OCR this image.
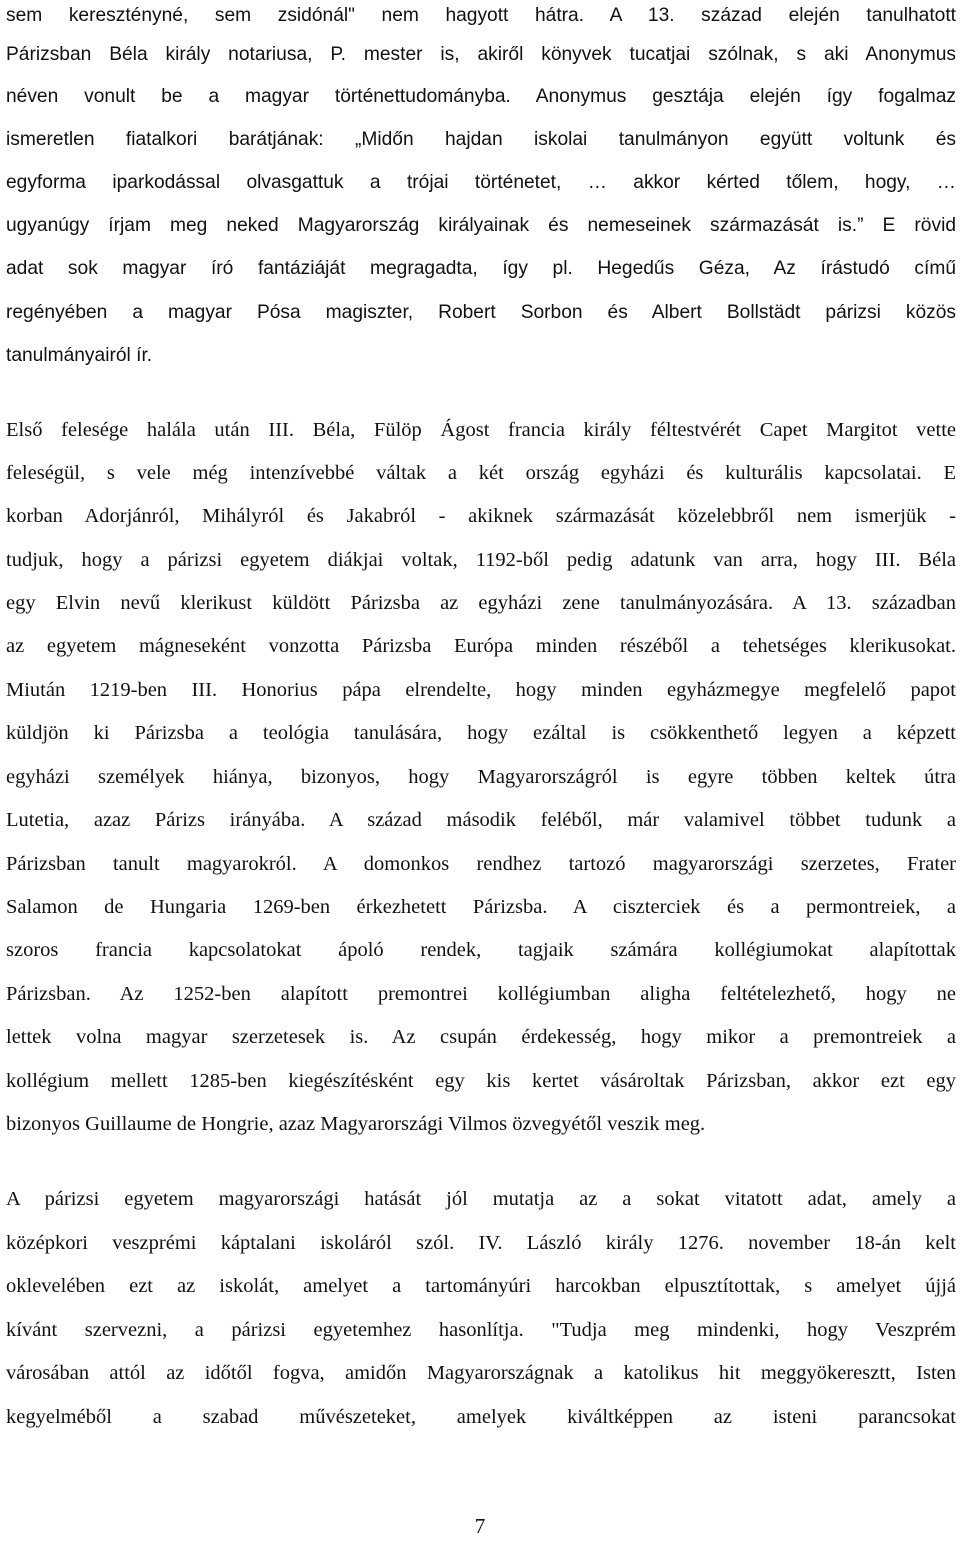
sem keresztényné, sem zsidónál" nem hagyott hátra. A 13. század elején tanulhatott
Párizsban Béla király notariusa, P. mester is, akiről könyvek tucatjai szólnak, s aki Anonymus
néven vonult be a magyar történettudományba. Anonymus gesztája elején így fogalmaz
ismeretlen fiatalkori barátjának: „Midőn hajdan iskolai tanulmányon együtt voltunk és
egyforma iparkodással olvasgattuk a trójai történetet, … akkor kérted tőlem, hogy, …
ugyanúgy írjam meg neked Magyarország királyainak és nemeseinek származását is.” E rövid
adat sok magyar író fantáziáját megragadta, így pl. Hegedűs Géza, Az írástudó című
regényében a magyar Pósa magiszter, Robert Sorbon és Albert Bollstädt párizsi közös
tanulmányairól ír.
Első felesége halála után III. Béla, Fülöp Ágost francia király féltestvérét Capet Margitot vette
feleségül, s vele még intenzívebbé váltak a két ország egyházi és kulturális kapcsolatai. E
korban Adorjánról, Mihályról és Jakabról - akiknek származását közelebbről nem ismerjük -
tudjuk, hogy a párizsi egyetem diákjai voltak, 1192-ből pedig adatunk van arra, hogy III. Béla
egy Elvin nevű klerikust küldött Párizsba az egyházi zene tanulmányozására. A 13. században
az egyetem mágneseként vonzotta Párizsba Európa minden részéből a tehetséges klerikusokat.
Miután 1219-ben III. Honorius pápa elrendelte, hogy minden egyházmegye megfelelő papot
küldjön ki Párizsba a teológia tanulására, hogy ezáltal is csökkenthető legyen a képzett
egyházi személyek hiánya, bizonyos, hogy Magyarországról is egyre többen keltek útra
Lutetia, azaz Párizs irányába. A század második feléből, már valamivel többet tudunk a
Párizsban tanult magyarokról. A domonkos rendhez tartozó magyarországi szerzetes, Frater
Salamon de Hungaria 1269-ben érkezhetett Párizsba. A ciszterciek és a permontreiek, a
szoros francia kapcsolatokat ápoló rendek, tagjaik számára kollégiumokat alapítottak
Párizsban. Az 1252-ben alapított premontrei kollégiumban aligha feltételezhető, hogy ne
lettek volna magyar szerzetesek is. Az csupán érdekesség, hogy mikor a premontreiek a
kollégium mellett 1285-ben kiegészítésként egy kis kertet vásároltak Párizsban, akkor ezt egy
bizonyos Guillaume de Hongrie, azaz Magyarországi Vilmos özvegyétől veszik meg.
A párizsi egyetem magyarországi hatását jól mutatja az a sokat vitatott adat, amely a
középkori veszprémi káptalani iskoláról szól. IV. László király 1276. november 18-án kelt
oklevelében ezt az iskolát, amelyet a tartományúri harcokban elpusztítottak, s amelyet újjá
kívánt szervezni, a párizsi egyetemhez hasonlítja. "Tudja meg mindenki, hogy Veszprém
városában attól az időtől fogva, amidőn Magyarországnak a katolikus hit meggyökeresztt, Isten
kegyelméből a szabad művészeteket, amelyek kiváltképpen az isteni parancsokat
7
